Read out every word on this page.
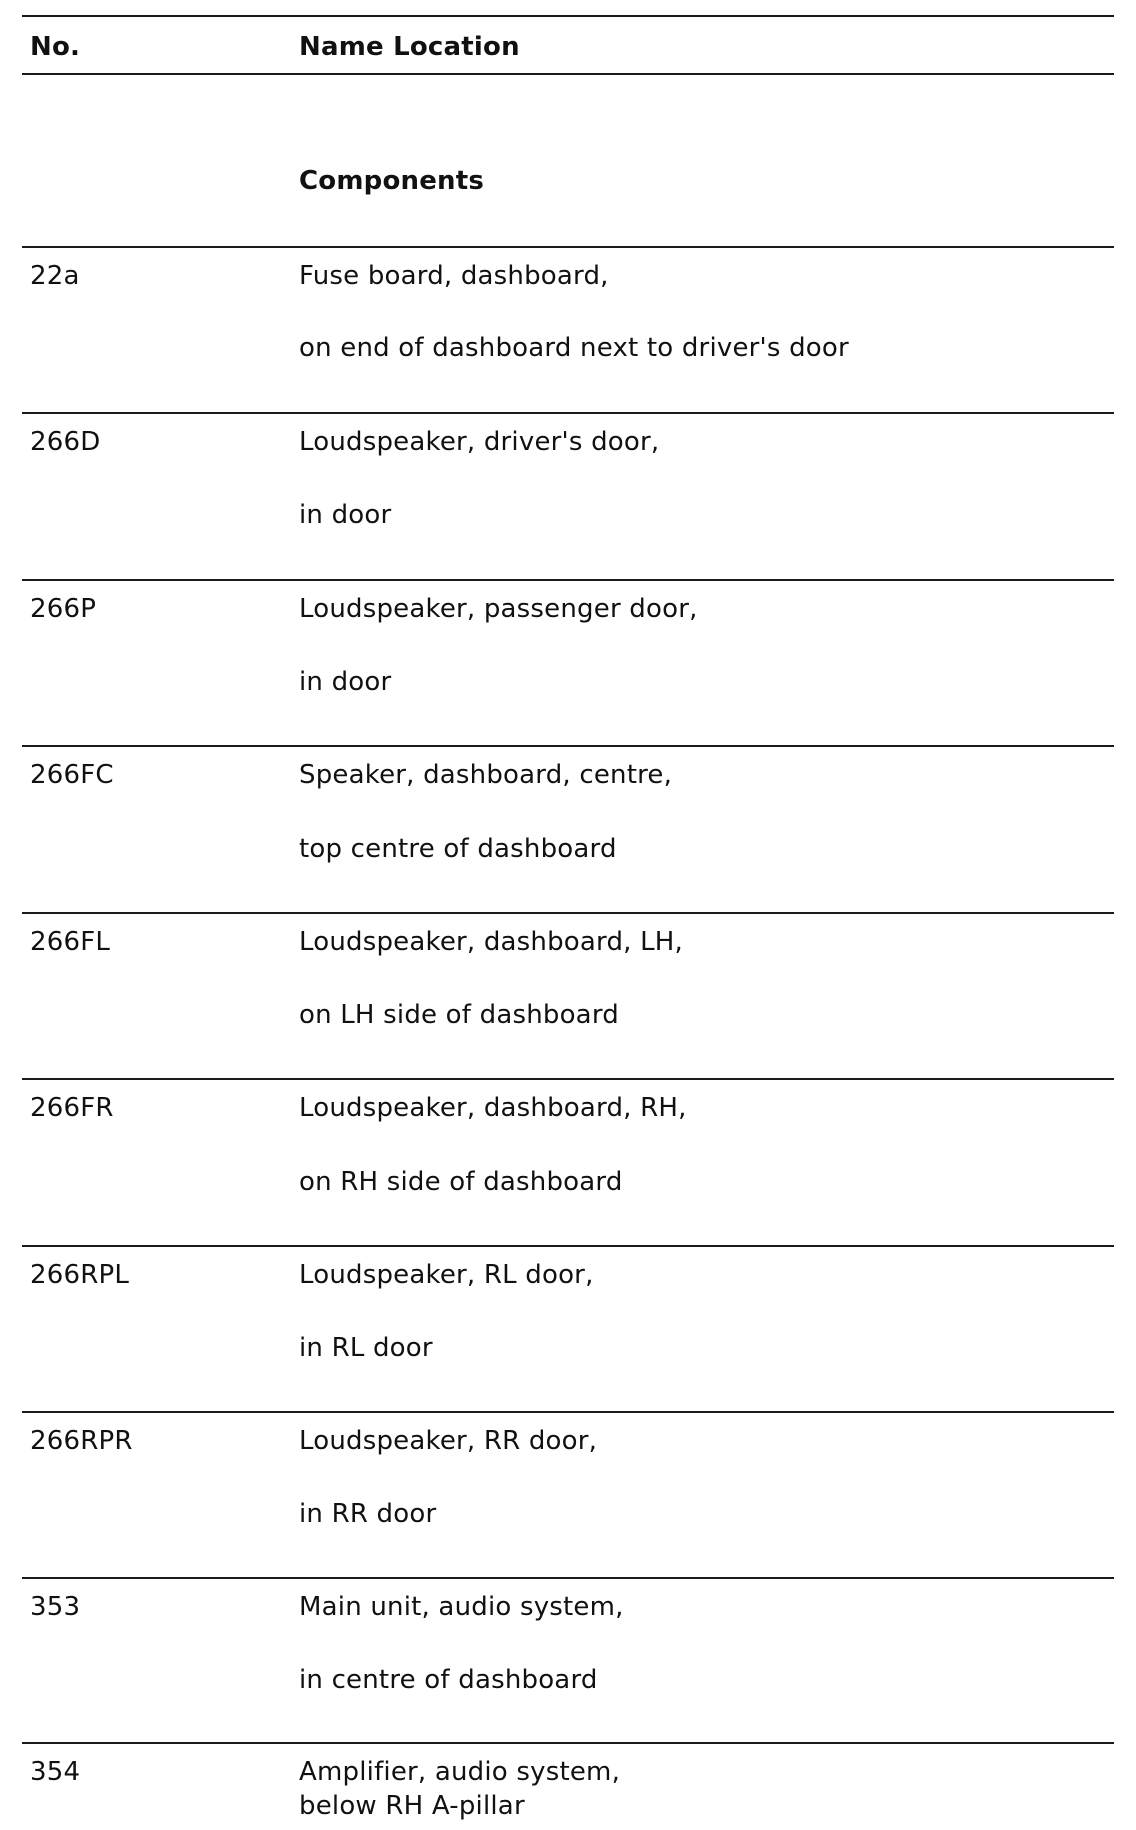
No.	Name Location
Components
22a	Fuse board, dashboard,
on end of dashboard next to driver's door
266D	Loudspeaker, driver's door,
in door
266P	Loudspeaker, passenger door,
in door
266FC	Speaker, dashboard, centre,
top centre of dashboard
266FL	Loudspeaker, dashboard, LH,
on LH side of dashboard
266FR	Loudspeaker, dashboard, RH,
on RH side of dashboard
266RPL	Loudspeaker, RL door,
in RL door
266RPR	Loudspeaker, RR door,
in RR door
353	Main unit, audio system,
in centre of dashboard
354	Amplifier, audio system,
below RH A-pillar
